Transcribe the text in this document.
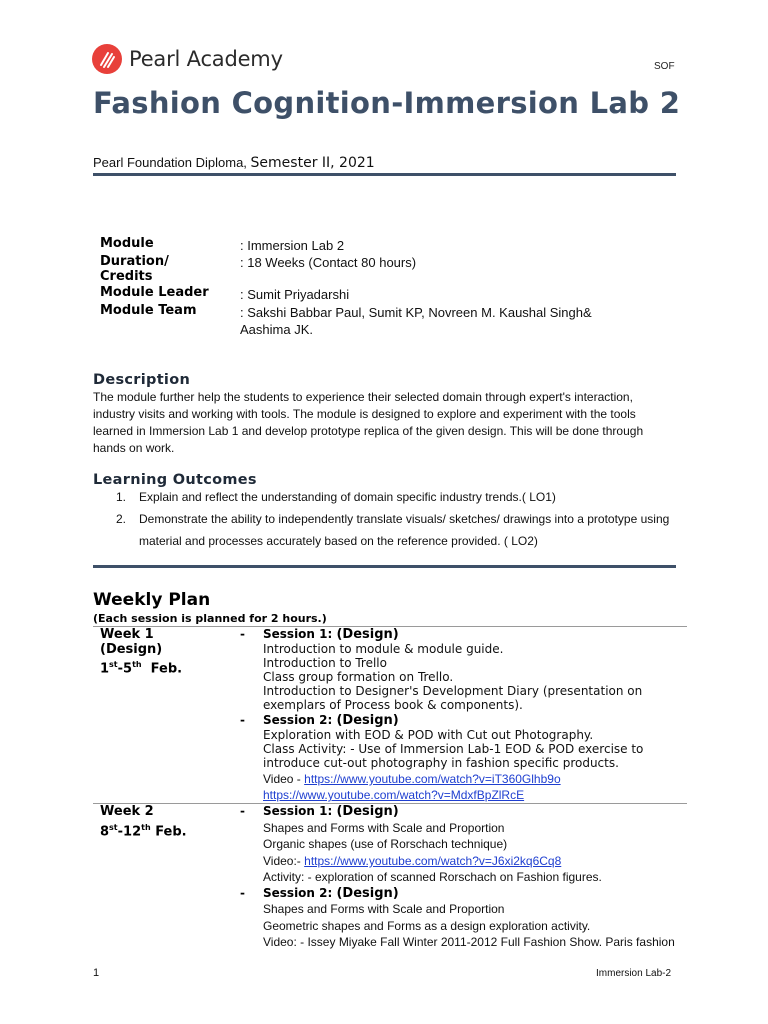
Pearl Academy	SOF
Fashion Cognition-Immersion Lab 2
Pearl Foundation Diploma, Semester II, 2021
Module	: Immersion Lab 2
Duration/ Credits
: 18 Weeks (Contact 80 hours)
Module Leader : Sumit Priyadarshi
Module Team	: Sakshi Babbar Paul, Sumit KP, Novreen M. Kaushal Singh& Aashima JK.
Description
The module further help the students to experience their selected domain through expert's interaction, industry visits and working with tools. The module is designed to explore and experiment with the tools learned in Immersion Lab 1 and develop prototype replica of the given design. This will be done through hands on work.
Learning Outcomes
1.	Explain and reflect the understanding of domain specific industry trends.( LO1)
2.	Demonstrate the ability to independently translate visuals/ sketches/ drawings into a prototype using material and processes accurately based on the reference provided. ( LO2)
Weekly Plan
(Each session is planned for 2 hours.)
Week 1
(Design)
1st-5th  Feb.
- Session 1: (Design)
Introduction to module & module guide.
Introduction to Trello
Class group formation on Trello.
Introduction to Designer's Development Diary (presentation on
exemplars of Process book & components).
- Session 2: (Design)
Exploration with EOD & POD with Cut out Photography.
Class Activity: - Use of Immersion Lab-1 EOD & POD exercise to
introduce cut-out photography in fashion specific products.
Video - https://www.youtube.com/watch?v=iT360Glhb9o
https://www.youtube.com/watch?v=MdxfBpZlRcE
Week 2
8st-12th Feb.
- Session 1: (Design)
Shapes and Forms with Scale and Proportion
Organic shapes (use of Rorschach technique)
Video:- https://www.youtube.com/watch?v=J6xi2kq6Cq8
Activity: - exploration of scanned Rorschach on Fashion figures.
- Session 2: (Design)
Shapes and Forms with Scale and Proportion
Geometric shapes and Forms as a design exploration activity.
Video: - Issey Miyake Fall Winter 2011-2012 Full Fashion Show. Paris fashion
1	Immersion Lab-2
